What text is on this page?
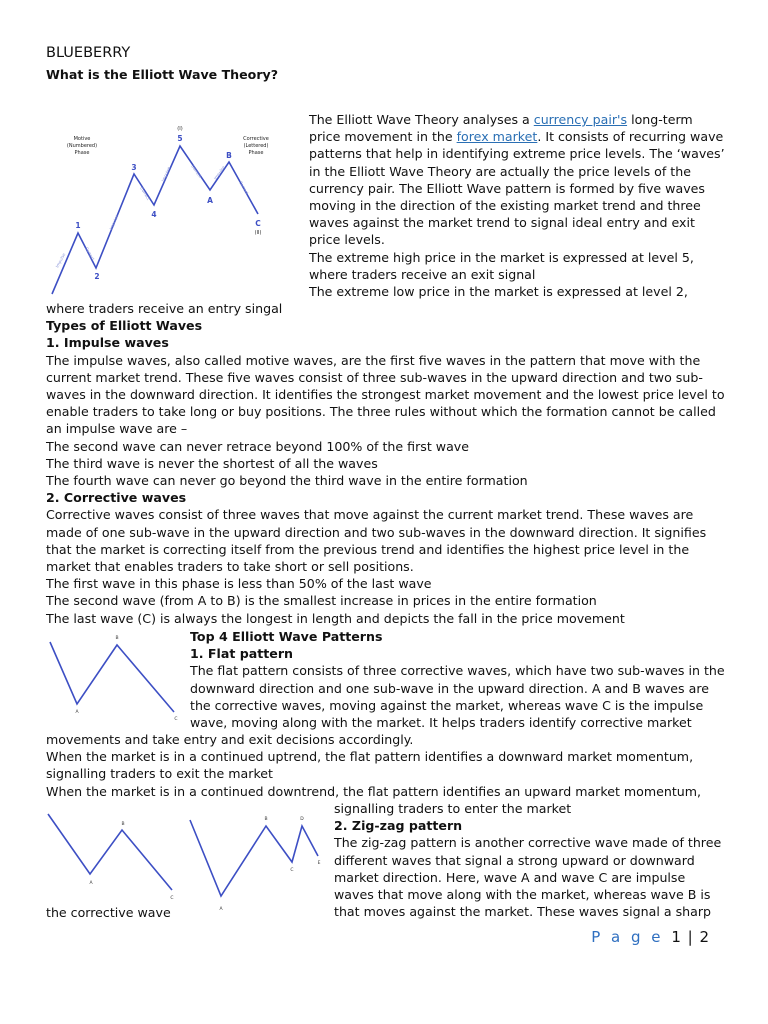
BLUEBERRY
What is the Elliott Wave Theory?
Impulse	Correct
Impulse
Correct
Impulse	Correct	Impulse
Correct
Motive
(Numbered)
Phase
Corrective
(Lettered)
Phase
(I)
1
2
3
4
5
A
B
C
(II)
The Elliott Wave Theory analyses a currency pair's long-term
price movement in the forex market. It consists of recurring wave
patterns that help in identifying extreme price levels. The ‘waves’
in the Elliott Wave Theory are actually the price levels of the
currency pair. The Elliott Wave pattern is formed by five waves
moving in the direction of the existing market trend and three
waves against the market trend to signal ideal entry and exit
price levels.
The extreme high price in the market is expressed at level 5,
where traders receive an exit signal
The extreme low price in the market is expressed at level 2,
where traders receive an entry singal
Types of Elliott Waves
1. Impulse waves
The impulse waves, also called motive waves, are the first five waves in the pattern that move with the
current market trend. These five waves consist of three sub-waves in the upward direction and two sub-
waves in the downward direction. It identifies the strongest market movement and the lowest price level to
enable traders to take long or buy positions. The three rules without which the formation cannot be called
an impulse wave are –
The second wave can never retrace beyond 100% of the first wave
The third wave is never the shortest of all the waves
The fourth wave can never go beyond the third wave in the entire formation
2. Corrective waves
Corrective waves consist of three waves that move against the current market trend. These waves are
made of one sub-wave in the upward direction and two sub-waves in the downward direction. It signifies
that the market is correcting itself from the previous trend and identifies the highest price level in the
market that enables traders to take short or sell positions.
The first wave in this phase is less than 50% of the last wave
The second wave (from A to B) is the smallest increase in prices in the entire formation
The last wave (C) is always the longest in length and depicts the fall in the price movement
A
B
C
Top 4 Elliott Wave Patterns
1. Flat pattern
The flat pattern consists of three corrective waves, which have two sub-waves in the
downward direction and one sub-wave in the upward direction. A and B waves are
the corrective waves, moving against the market, whereas wave C is the impulse
wave, moving along with the market. It helps traders identify corrective market
movements and take entry and exit decisions accordingly.
When the market is in a continued uptrend, the flat pattern identifies a downward market momentum,
signalling traders to exit the market
When the market is in a continued downtrend, the flat pattern identifies an upward market momentum,
signalling traders to enter the market
2. Zig-zag pattern
The zig-zag pattern is another corrective wave made of three
different waves that signal a strong upward or downward
market direction. Here, wave A and wave C are impulse
waves that move along with the market, whereas wave B is
that moves against the market. These waves signal a sharp
A
B
C
A
B
C
D
E
the corrective wave
P a g e 1 | 2
